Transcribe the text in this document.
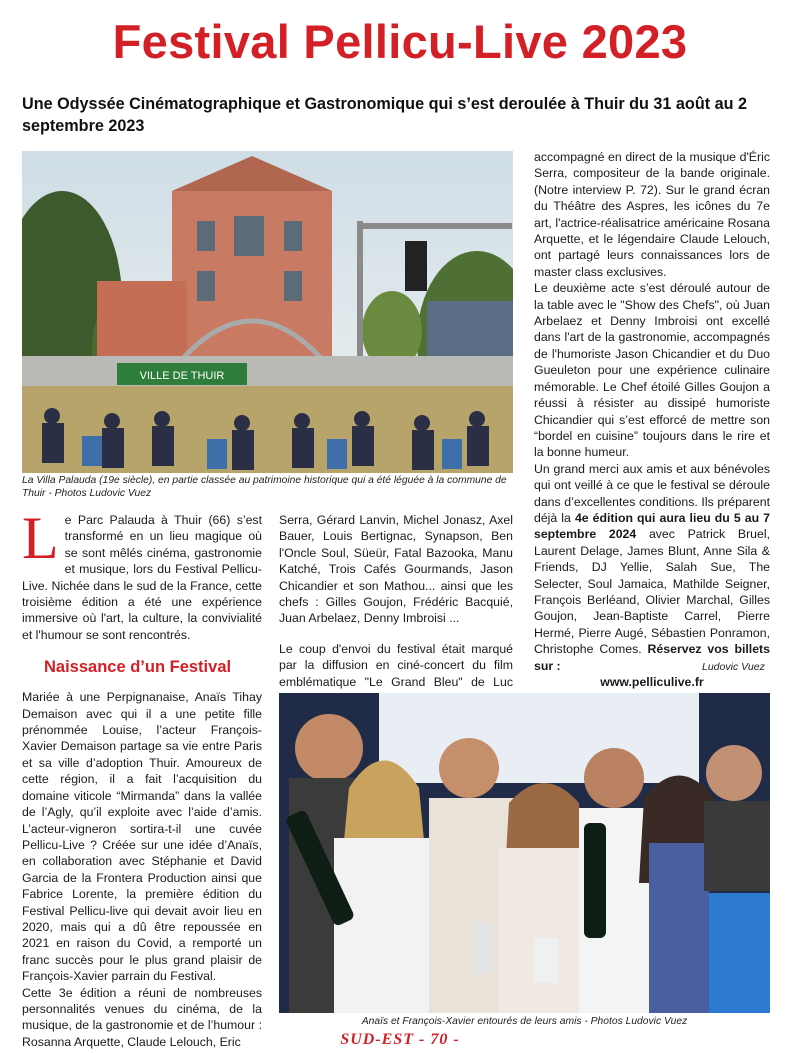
Festival Pellicu-Live 2023
Une Odyssée Cinématographique et Gastronomique qui s’est deroulée à Thuir du 31 août au 2 septembre 2023
VILLE DE THUIR
La Villa Palauda (19e siècle), en partie classée au patrimoine historique qui a été léguée à la commune de Thuir - Photos Ludovic Vuez

Le Parc Palauda à Thuir (66) s’est transformé en un lieu magique où se sont mêlés cinéma, gastronomie et musique, lors du Festival Pellicu-Live. Nichée dans le sud de la France, cette troisième édition a été une expérience immersive où l'art, la culture, la convivialité et l'humour se sont rencontrés.

Naissance d’un Festival

Mariée à une Perpignanaise, Anaïs Tihay Demaison avec qui il a une petite fille prénommée Louise, l’acteur François-Xavier Demaison partage sa vie entre Paris et sa ville d’adoption Thuir. Amoureux de cette région, il a fait l’acquisition du domaine viticole “Mirmanda” dans la vallée de l’Agly, qu’il exploite avec l’aide d’amis. L’acteur-vigneron sortira-t-il une cuvée Pellicu-Live ? Créée sur une idée d’Anaïs, en collaboration avec Stéphanie et David Garcia de la Frontera Production ainsi que Fabrice Lorente, la première édition du Festival Pellicu-live qui devait avoir lieu en 2020, mais qui a dû être repoussée en 2021 en raison du Covid, a remporté un franc succès pour le plus grand plaisir de François-Xavier parrain du Festival.

Cette 3e édition a réuni de nombreuses personnalités venues du cinéma, de la musique, de la gastronomie et de l’humour : Rosanna Arquette, Claude Lelouch, Eric

Serra, Gérard Lanvin, Michel Jonasz, Axel Bauer, Louis Bertignac, Synapson, Ben l'Oncle Soul, Süeür, Fatal Bazooka, Manu Katché, Trois Cafés Gourmands, Jason Chicandier et son Mathou... ainsi que les chefs : Gilles Goujon, Frédéric Bacquié, Juan Arbelaez, Denny Imbroisi ...

Le coup d'envoi du festival était marqué par la diffusion en ciné-concert du film emblématique "Le Grand Bleu" de Luc

accompagné en direct de la musique d'Éric Serra, compositeur de la bande originale. (Notre interview P. 72). Sur le grand écran du Théâtre des Aspres, les icônes du 7e art, l'actrice-réalisatrice américaine Rosana Arquette, et le légendaire Claude Lelouch, ont partagé leurs connaissances lors de master class exclusives.

Le deuxième acte s’est déroulé autour de la table avec le "Show des Chefs", où Juan Arbelaez et Denny Imbroisi ont excellé dans l'art de la gastronomie, accompagnés de l'humoriste Jason Chicandier et du Duo Gueuleton pour une expérience culinaire mémorable. Le Chef étoilé Gilles Goujon a réussi à résister au dissipé humoriste Chicandier qui s’est efforcé de mettre son “bordel en cuisine” toujours dans le rire et la bonne humeur.

Un grand merci aux amis et aux bénévoles qui ont veillé à ce que le festival se déroule dans d’excellentes conditions. Ils préparent déjà la 4e édition qui aura lieu du 5 au 7 septembre 2024 avec Patrick Bruel, Laurent Delage, James Blunt, Anne Sila & Friends, DJ Yellie, Salah Sue, The Selecter, Soul Jamaica, Mathilde Seigner, François Berléand, Olivier Marchal, Gilles Goujon, Jean-Baptiste Carrel, Pierre Hermé, Pierre Augé, Sébastien Ponramon, Christophe Comes. Réservez vos billets sur :

www.pelliculive.fr

Ludovic Vuez
Anaïs et François-Xavier entourés de leurs amis - Photos Ludovic Vuez
SUD-EST - 70 -
